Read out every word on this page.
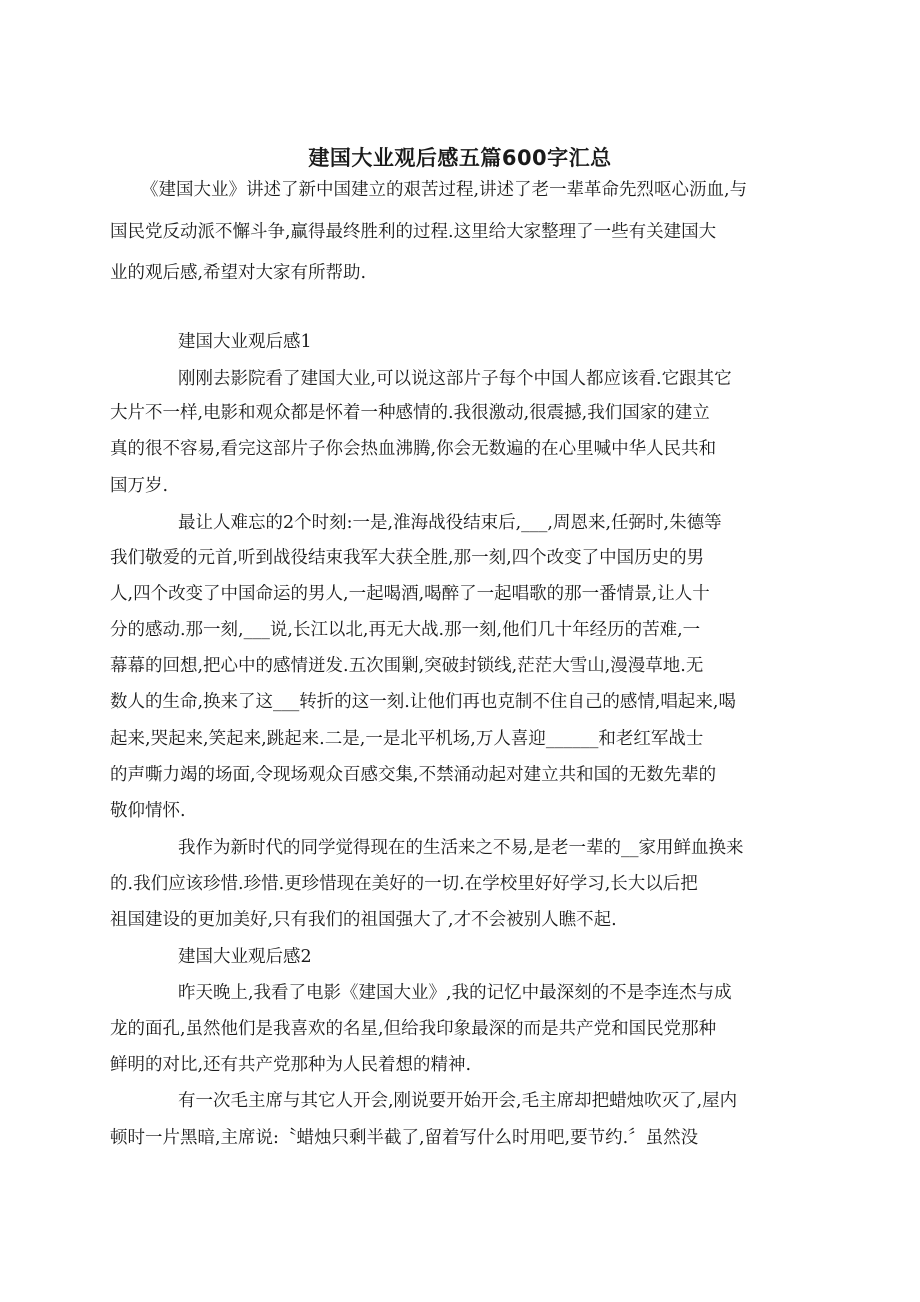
建国大业观后感五篇600字汇总

《建国大业》讲述了新中国建立的艰苦过程,讲述了老一辈革命先烈呕心沥血,与

国民党反动派不懈斗争,赢得最终胜利的过程.这里给大家整理了一些有关建国大

业的观后感,希望对大家有所帮助.

建国大业观后感1

刚刚去影院看了建国大业,可以说这部片子每个中国人都应该看.它跟其它

大片不一样,电影和观众都是怀着一种感情的.我很激动,很震撼,我们国家的建立

真的很不容易,看完这部片子你会热血沸腾,你会无数遍的在心里喊中华人民共和

国万岁.

最让人难忘的2个时刻:一是,淮海战役结束后,___,周恩来,任弼时,朱德等

我们敬爱的元首,听到战役结束我军大获全胜,那一刻,四个改变了中国历史的男

人,四个改变了中国命运的男人,一起喝酒,喝醉了一起唱歌的那一番情景,让人十

分的感动.那一刻,___说,长江以北,再无大战.那一刻,他们几十年经历的苦难,一

幕幕的回想,把心中的感情迸发.五次围剿,突破封锁线,茫茫大雪山,漫漫草地.无

数人的生命,换来了这___转折的这一刻.让他们再也克制不住自己的感情,唱起来,喝

起来,哭起来,笑起来,跳起来.二是,一是北平机场,万人喜迎______和老红军战士

的声嘶力竭的场面,令现场观众百感交集,不禁涌动起对建立共和国的无数先辈的

敬仰情怀.

我作为新时代的同学觉得现在的生活来之不易,是老一辈的__家用鲜血换来

的.我们应该珍惜.珍惜.更珍惜现在美好的一切.在学校里好好学习,长大以后把

祖国建设的更加美好,只有我们的祖国强大了,才不会被别人瞧不起.

建国大业观后感2

昨天晚上,我看了电影《建国大业》,我的记忆中最深刻的不是李连杰与成

龙的面孔,虽然他们是我喜欢的名星,但给我印象最深的而是共产党和国民党那种

鲜明的对比,还有共产党那种为人民着想的精神.

有一次毛主席与其它人开会,刚说要开始开会,毛主席却把蜡烛吹灭了,屋内

顿时一片黑暗,主席说:〝蜡烛只剩半截了,留着写什么时用吧,要节约.〞虽然没
